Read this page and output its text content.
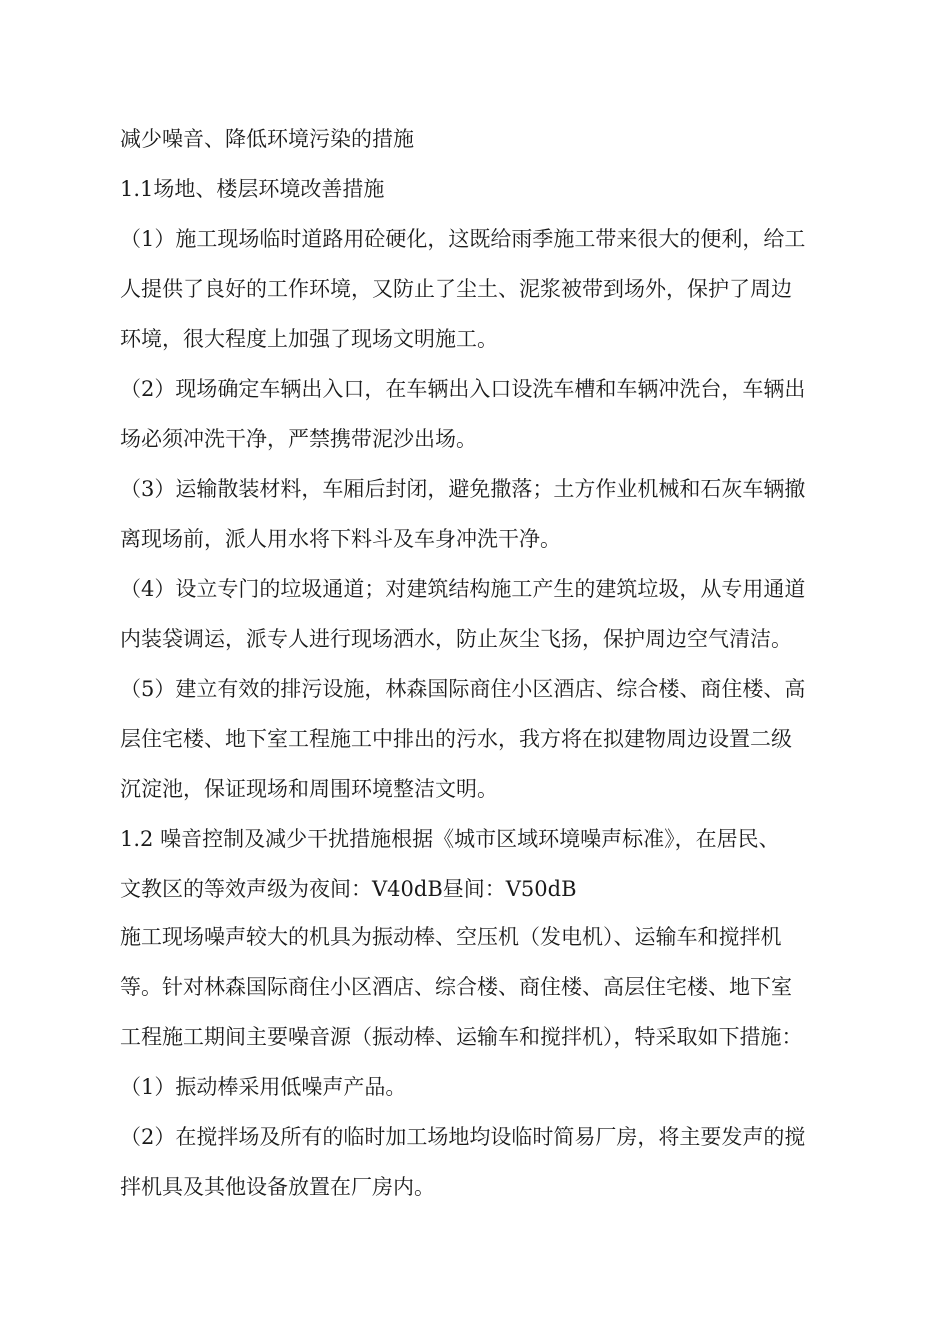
减少噪音、降低环境污染的措施
1.1场地、楼层环境改善措施
（1）施工现场临时道路用砼硬化，这既给雨季施工带来很大的便利，给工
人提供了良好的工作环境，又防止了尘土、泥浆被带到场外，保护了周边
环境，很大程度上加强了现场文明施工。
（2）现场确定车辆出入口，在车辆出入口设洗车槽和车辆冲洗台，车辆出
场必须冲洗干净，严禁携带泥沙出场。
（3）运输散装材料，车厢后封闭，避免撒落；土方作业机械和石灰车辆撤
离现场前，派人用水将下料斗及车身冲洗干净。
（4）设立专门的垃圾通道；对建筑结构施工产生的建筑垃圾，从专用通道
内装袋调运，派专人进行现场洒水，防止灰尘飞扬，保护周边空气清洁。
（5）建立有效的排污设施，林森国际商住小区酒店、综合楼、商住楼、高
层住宅楼、地下室工程施工中排出的污水，我方将在拟建物周边设置二级
沉淀池，保证现场和周围环境整洁文明。
1.2 噪音控制及减少干扰措施根据《城市区域环境噪声标准》，在居民、
文教区的等效声级为夜间：V40dB昼间：V50dB
施工现场噪声较大的机具为振动棒、空压机（发电机）、运输车和搅拌机
等。针对林森国际商住小区酒店、综合楼、商住楼、高层住宅楼、地下室
工程施工期间主要噪音源（振动棒、运输车和搅拌机），特采取如下措施：
（1）振动棒采用低噪声产品。
（2）在搅拌场及所有的临时加工场地均设临时简易厂房，将主要发声的搅
拌机具及其他设备放置在厂房内。
